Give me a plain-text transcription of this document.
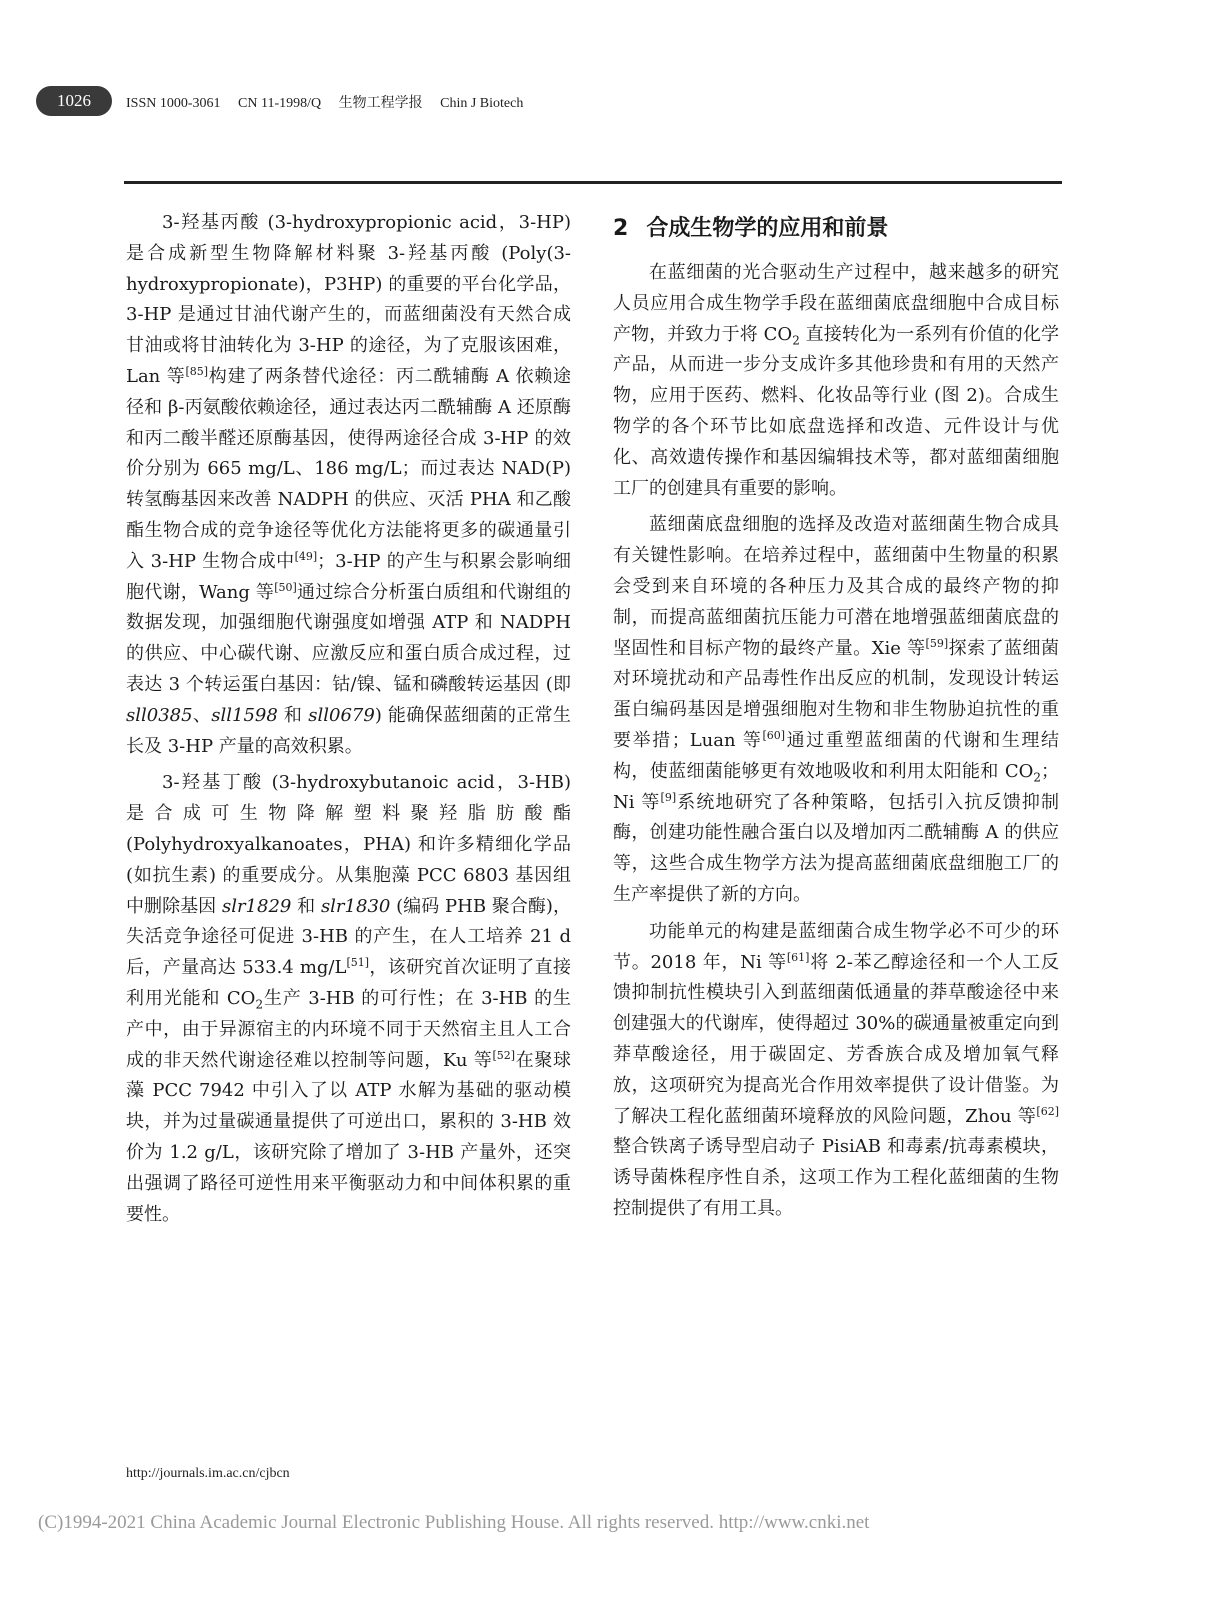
1026	ISSN 1000-3061 CN 11-1998/Q 生物工程学报 Chin J Biotech

3-羟基丙酸 (3-hydroxypropionic acid，3-HP) 是合成新型生物降解材料聚 3-羟基丙酸 (Poly(3-hydroxypropionate)，P3HP) 的重要的平台化学品，3-HP 是通过甘油代谢产生的，而蓝细菌没有天然合成甘油或将甘油转化为 3-HP 的途径，为了克服该困难，Lan 等[85]构建了两条替代途径：丙二酰辅酶 A 依赖途径和 β-丙氨酸依赖途径，通过表达丙二酰辅酶 A 还原酶和丙二酸半醛还原酶基因，使得两途径合成 3-HP 的效价分别为 665 mg/L、186 mg/L；而过表达 NAD(P) 转氢酶基因来改善 NADPH 的供应、灭活 PHA 和乙酸酯生物合成的竞争途径等优化方法能将更多的碳通量引入 3-HP 生物合成中[49]；3-HP 的产生与积累会影响细胞代谢，Wang 等[50]通过综合分析蛋白质组和代谢组的数据发现，加强细胞代谢强度如增强 ATP 和 NADPH 的供应、中心碳代谢、应激反应和蛋白质合成过程，过表达 3 个转运蛋白基因：钴/镍、锰和磷酸转运基因 (即 sll0385、sll1598 和 sll0679) 能确保蓝细菌的正常生长及 3-HP 产量的高效积累。

3-羟基丁酸 (3-hydroxybutanoic acid，3-HB) 是合成可生物降解塑料聚羟脂肪酸酯 (Polyhydroxyalkanoates，PHA) 和许多精细化学品 (如抗生素) 的重要成分。从集胞藻 PCC 6803 基因组中删除基因 slr1829 和 slr1830 (编码 PHB 聚合酶)，失活竞争途径可促进 3-HB 的产生，在人工培养 21 d 后，产量高达 533.4 mg/L[51]，该研究首次证明了直接利用光能和 $CO_2$生产 3-HB 的可行性；在 3-HB 的生产中，由于异源宿主的内环境不同于天然宿主且人工合成的非天然代谢途径难以控制等问题，Ku 等[52]在聚球藻 PCC 7942 中引入了以 ATP 水解为基础的驱动模块，并为过量碳通量提供了可逆出口，累积的 3-HB 效价为 1.2 g/L，该研究除了增加了 3-HB 产量外，还突出强调了路径可逆性用来平衡驱动力和中间体积累的重要性。

2 合成生物学的应用和前景

在蓝细菌的光合驱动生产过程中，越来越多的研究人员应用合成生物学手段在蓝细菌底盘细胞中合成目标产物，并致力于将 $CO_2$ 直接转化为一系列有价值的化学产品，从而进一步分支成许多其他珍贵和有用的天然产物，应用于医药、燃料、化妆品等行业 (图 2)。合成生物学的各个环节比如底盘选择和改造、元件设计与优化、高效遗传操作和基因编辑技术等，都对蓝细菌细胞工厂的创建具有重要的影响。

蓝细菌底盘细胞的选择及改造对蓝细菌生物合成具有关键性影响。在培养过程中，蓝细菌中生物量的积累会受到来自环境的各种压力及其合成的最终产物的抑制，而提高蓝细菌抗压能力可潜在地增强蓝细菌底盘的坚固性和目标产物的最终产量。Xie 等[59]探索了蓝细菌对环境扰动和产品毒性作出反应的机制，发现设计转运蛋白编码基因是增强细胞对生物和非生物胁迫抗性的重要举措；Luan 等[60]通过重塑蓝细菌的代谢和生理结构，使蓝细菌能够更有效地吸收和利用太阳能和 $CO_2$；Ni 等[9]系统地研究了各种策略，包括引入抗反馈抑制酶，创建功能性融合蛋白以及增加丙二酰辅酶 A 的供应等，这些合成生物学方法为提高蓝细菌底盘细胞工厂的生产率提供了新的方向。

功能单元的构建是蓝细菌合成生物学必不可少的环节。2018 年，Ni 等[61]将 2-苯乙醇途径和一个人工反馈抑制抗性模块引入到蓝细菌低通量的莽草酸途径中来创建强大的代谢库，使得超过 30%的碳通量被重定向到莽草酸途径，用于碳固定、芳香族合成及增加氧气释放，这项研究为提高光合作用效率提供了设计借鉴。为了解决工程化蓝细菌环境释放的风险问题，Zhou 等[62]整合铁离子诱导型启动子 PisiAB 和毒素/抗毒素模块，诱导菌株程序性自杀，这项工作为工程化蓝细菌的生物控制提供了有用工具。

http://journals.im.ac.cn/cjbcn
(C)1994-2021 China Academic Journal Electronic Publishing House. All rights reserved. http://www.cnki.net
